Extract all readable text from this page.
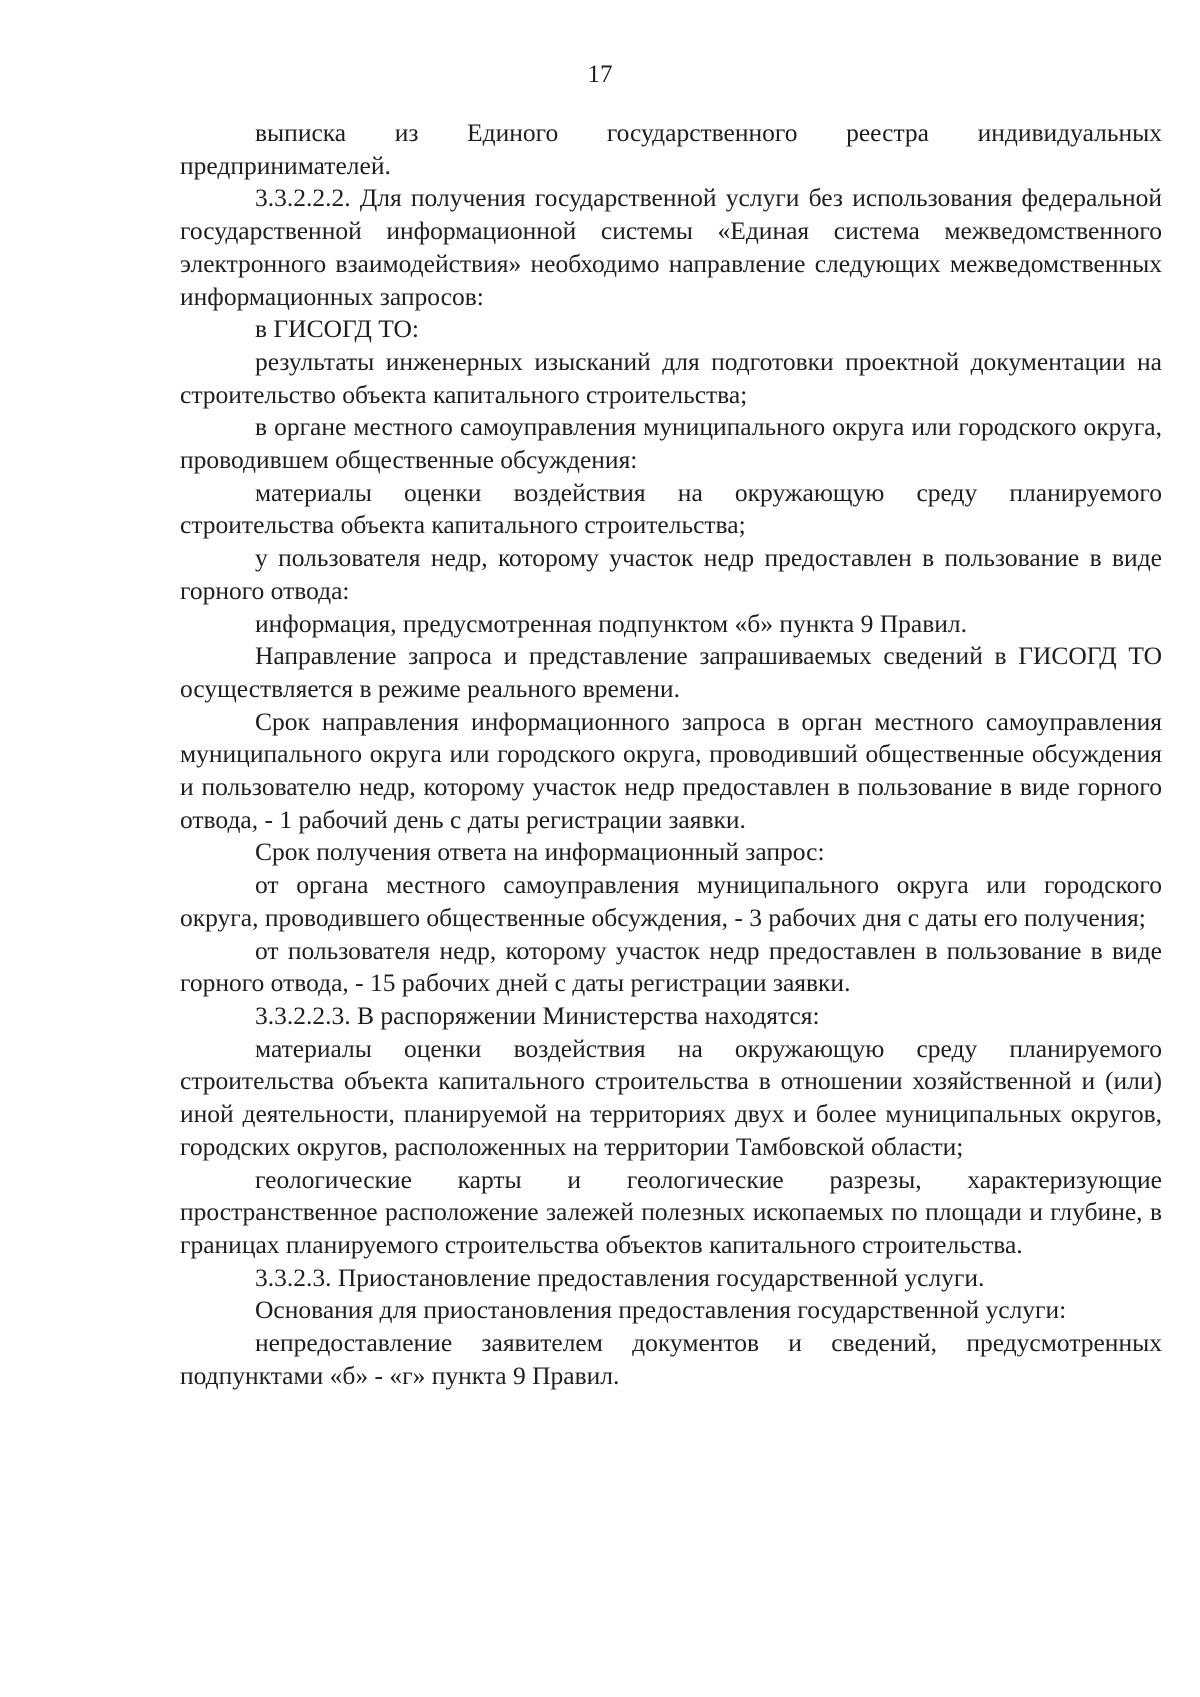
17

выписка из Единого государственного реестра индивидуальных предпринимателей.

3.3.2.2.2. Для получения государственной услуги без использования федеральной государственной информационной системы «Единая система межведомственного электронного взаимодействия» необходимо направление следующих межведомственных информационных запросов:

в ГИСОГД ТО:

результаты инженерных изысканий для подготовки проектной документации на строительство объекта капитального строительства;

в органе местного самоуправления муниципального округа или городского округа, проводившем общественные обсуждения:

материалы оценки воздействия на окружающую среду планируемого строительства объекта капитального строительства;

у пользователя недр, которому участок недр предоставлен в пользование в виде горного отвода:

информация, предусмотренная подпунктом «б» пункта 9 Правил.

Направление запроса и представление запрашиваемых сведений в ГИСОГД ТО осуществляется в режиме реального времени.

Срок направления информационного запроса в орган местного самоуправления муниципального округа или городского округа, проводивший общественные обсуждения и пользователю недр, которому участок недр предоставлен в пользование в виде горного отвода, - 1 рабочий день с даты регистрации заявки.

Срок получения ответа на информационный запрос:

от органа местного самоуправления муниципального округа или городского округа, проводившего общественные обсуждения, - 3 рабочих дня с даты его получения;

от пользователя недр, которому участок недр предоставлен в пользование в виде горного отвода, - 15 рабочих дней с даты регистрации заявки.

3.3.2.2.3. В распоряжении Министерства находятся:

материалы оценки воздействия на окружающую среду планируемого строительства объекта капитального строительства в отношении хозяйственной и (или) иной деятельности, планируемой на территориях двух и более муниципальных округов, городских округов, расположенных на территории Тамбовской области;

геологические карты и геологические разрезы, характеризующие пространственное расположение залежей полезных ископаемых по площади и глубине, в границах планируемого строительства объектов капитального строительства.

3.3.2.3. Приостановление предоставления государственной услуги.

Основания для приостановления предоставления государственной услуги:

непредоставление заявителем документов и сведений, предусмотренных подпунктами «б» - «г» пункта 9 Правил.
